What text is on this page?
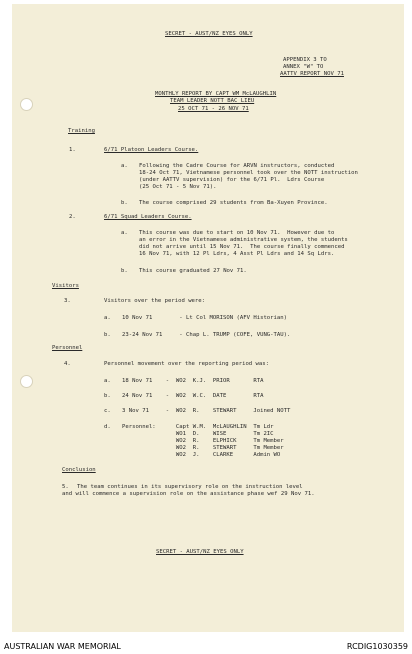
SECRET - AUST/NZ EYES ONLY
APPENDIX 3 TO
ANNEX "W" TO
AATTV REPORT NOV 71
MONTHLY REPORT BY CAPT WM McLAUGHLIN
TEAM LEADER NOTT BAC LIEU
25 OCT 71 - 26 NOV 71
Training
1.	6/71 Platoon Leaders Course.
a. Following the Cadre Course for ARVN instructors, conducted
18-24 Oct 71, Vietnamese personnel took over the NOTT instruction
(under AATTV supervision) for the 6/71 Pl.  Ldrs Course
(25 Oct 71 - 5 Nov 71).
b. The course comprised 29 students from Ba-Xuyen Province.
2.	6/71 Squad Leaders Course.
a. This course was due to start on 10 Nov 71.  However due to
an error in the Vietnamese administrative system, the students
did not arrive until 15 Nov 71.  The course finally commenced
16 Nov 71, with 12 Pl Ldrs, 4 Asst Pl Ldrs and 14 Sq Ldrs.
b. This course graduated 27 Nov 71.
Visitors
3.	Visitors over the period were:
a. 10 Nov 71        - Lt Col MORISON (AFV Historian)
b. 23-24 Nov 71     - Chap L. TRUMP (COFE, VUNG-TAU).
Personnel
4.	Personnel movement over the reporting period was:
a. 18 Nov 71    -  WO2  K.J.  PRIOR       RTA
b. 24 Nov 71    -  WO2  W.C.  DATE        RTA
c. 3 Nov 71     -  WO2  R.    STEWART     Joined NOTT
d. Personnel:      Capt W.M.  McLAUGHLIN  Tm Ldr
WO1  D.    WISE        Tm 2IC
WO2  R.    ELPHICK     Tm Member
WO2  R.    STEWART     Tm Member
WO2  J.    CLARKE      Admin WO
Conclusion
5. The team continues in its supervisory role on the instruction level
and will commence a supervision role on the assistance phase wef 29 Nov 71.
SECRET - AUST/NZ EYES ONLY
AUSTRALIAN WAR MEMORIAL	RCDIG1030359
